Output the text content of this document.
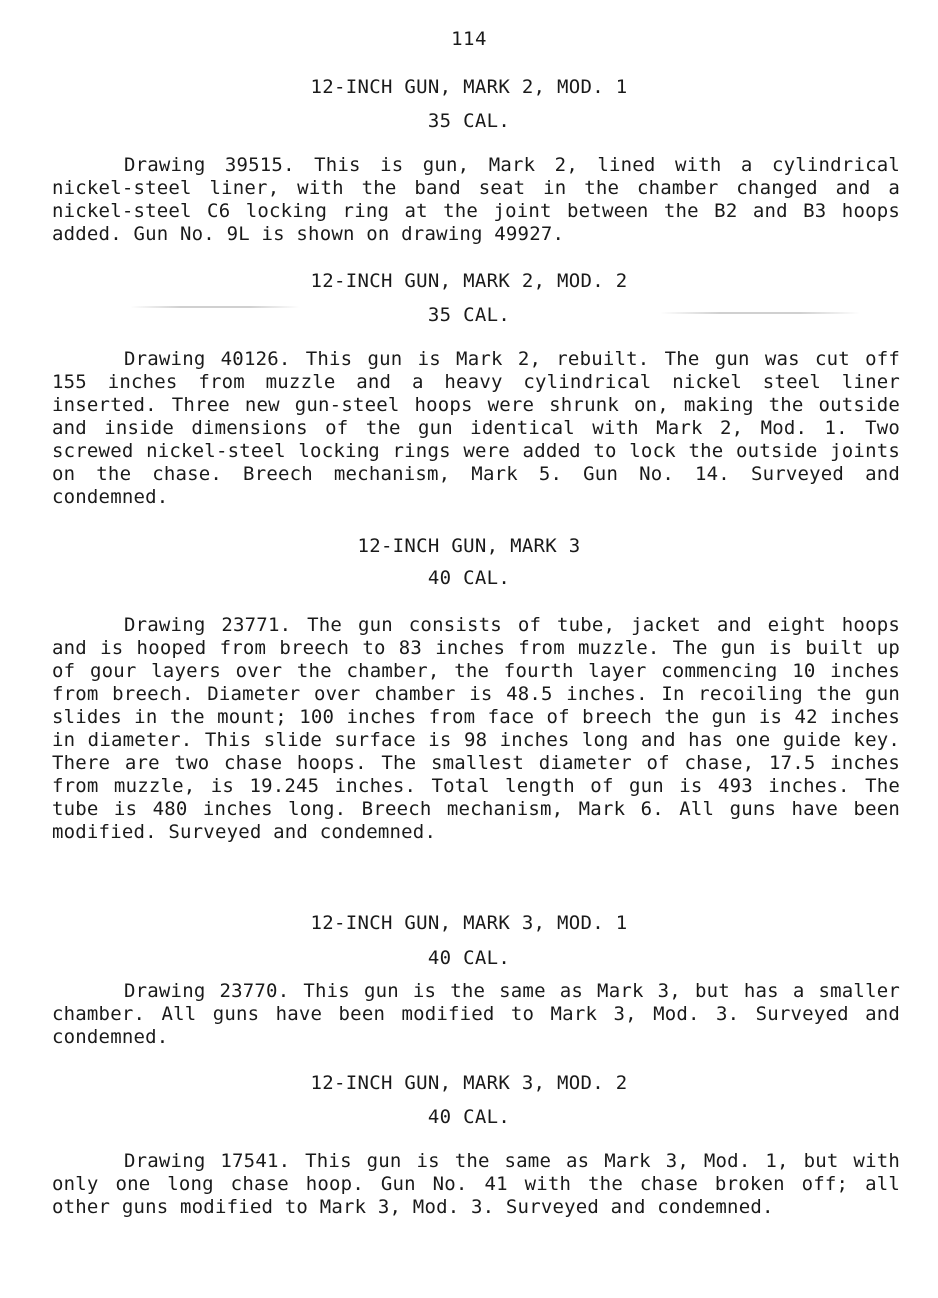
114
12-INCH GUN, MARK 2, MOD. 1
35 CAL.

Drawing 39515. This is gun, Mark 2, lined with a cylindrical nickel-steel liner, with the band seat in the chamber changed and a nickel-steel C6 locking ring at the joint between the B2 and B3 hoops added. Gun No. 9L is shown on drawing 49927.

12-INCH GUN, MARK 2, MOD. 2
35 CAL.

Drawing 40126. This gun is Mark 2, rebuilt. The gun was cut off 155 inches from muzzle and a heavy cylindrical nickel steel liner inserted. Three new gun-steel hoops were shrunk on, making the outside and inside dimensions of the gun identical with Mark 2, Mod. 1. Two screwed nickel-steel locking rings were added to lock the outside joints on the chase. Breech mechanism, Mark 5. Gun No. 14. Surveyed and condemned.

12-INCH GUN, MARK 3
40 CAL.

Drawing 23771. The gun consists of tube, jacket and eight hoops and is hooped from breech to 83 inches from muzzle. The gun is built up of gour layers over the chamber, the fourth layer commencing 10 inches from breech. Diameter over chamber is 48.5 inches. In recoiling the gun slides in the mount; 100 inches from face of breech the gun is 42 inches in diameter. This slide surface is 98 inches long and has one guide key. There are two chase hoops. The smallest diameter of chase, 17.5 inches from muzzle, is 19.245 inches. Total length of gun is 493 inches. The tube is 480 inches long. Breech mechanism, Mark 6. All guns have been modified. Surveyed and condemned.

12-INCH GUN, MARK 3, MOD. 1
40 CAL.

Drawing 23770. This gun is the same as Mark 3, but has a smaller chamber. All guns have been modified to Mark 3, Mod. 3. Surveyed and condemned.

12-INCH GUN, MARK 3, MOD. 2
40 CAL.

Drawing 17541. This gun is the same as Mark 3, Mod. 1, but with only one long chase hoop. Gun No. 41 with the chase broken off; all other guns modified to Mark 3, Mod. 3. Surveyed and condemned.
